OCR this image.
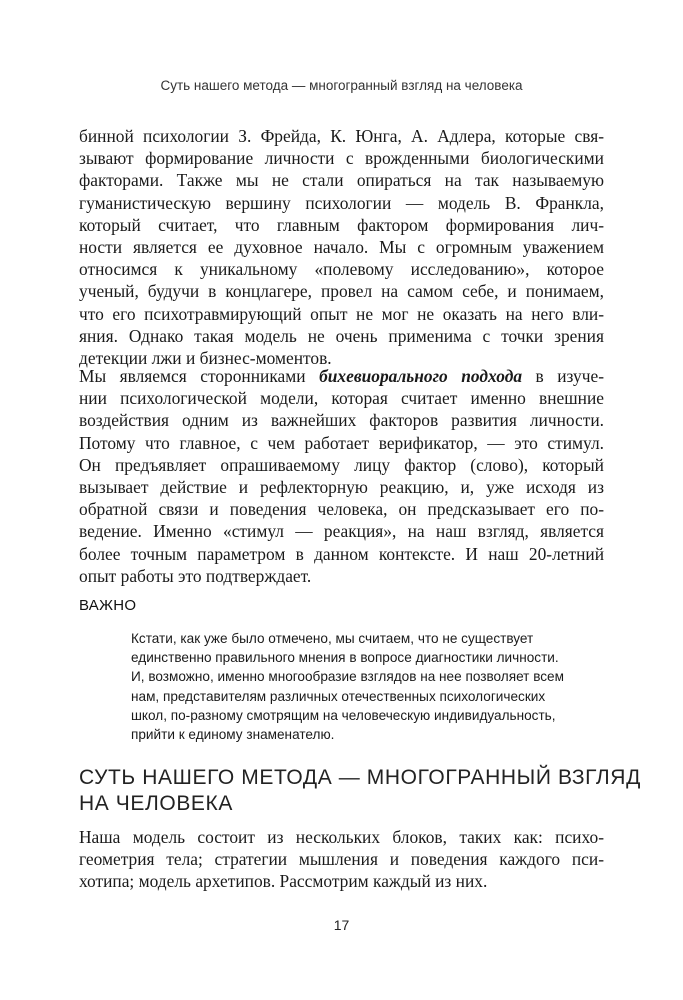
Суть нашего метода — многогранный взгляд на человека
бинной психологии З. Фрейда, К. Юнга, А. Адлера, которые свя-
зывают формирование личности с врожденными биологическими
факторами. Также мы не стали опираться на так называемую
гуманистическую вершину психологии — модель В. Франкла,
который считает, что главным фактором формирования лич-
ности является ее духовное начало. Мы с огромным уважением
относимся к уникальному «полевому исследованию», которое
ученый, будучи в концлагере, провел на самом себе, и понимаем,
что его психотравмирующий опыт не мог не оказать на него вли-
яния. Однако такая модель не очень применима с точки зрения
детекции лжи и бизнес-моментов.
Мы являемся сторонниками бихевиорального подхода в изуче-
нии психологической модели, которая считает именно внешние
воздействия одним из важнейших факторов развития личности.
Потому что главное, с чем работает верификатор, — это стимул.
Он предъявляет опрашиваемому лицу фактор (слово), который
вызывает действие и рефлекторную реакцию, и, уже исходя из
обратной связи и поведения человека, он предсказывает его по-
ведение. Именно «стимул — реакция», на наш взгляд, является
более точным параметром в данном контексте. И наш 20-летний
опыт работы это подтверждает.
ВАЖНО
Кстати, как уже было отмечено, мы считаем, что не существует
единственно правильного мнения в вопросе диагностики личности.
И, возможно, именно многообразие взглядов на нее позволяет всем
нам, представителям различных отечественных психологических
школ, по-разному смотрящим на человеческую индивидуальность,
прийти к единому знаменателю.
СУТЬ НАШЕГО МЕТОДА — МНОГОГРАННЫЙ ВЗГЛЯД
НА ЧЕЛОВЕКА
Наша модель состоит из нескольких блоков, таких как: психо-
геометрия тела; стратегии мышления и поведения каждого пси-
хотипа; модель архетипов. Рассмотрим каждый из них.
17
